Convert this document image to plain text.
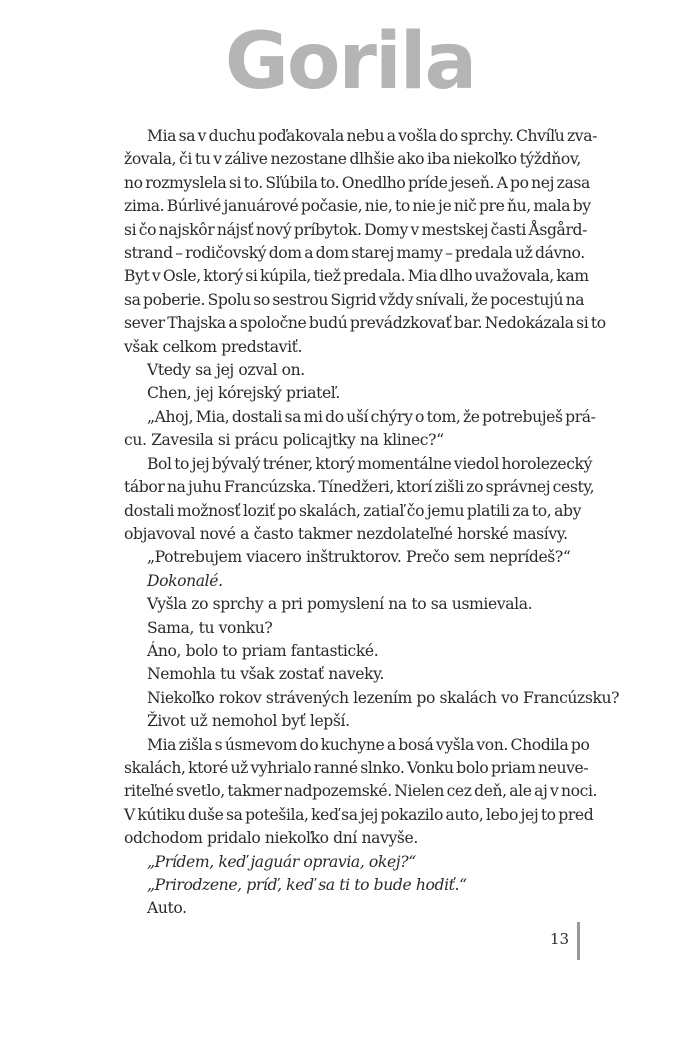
Gorila
Mia sa v duchu poďakovala nebu a vošla do sprchy. Chvíľu zva-
žovala, či tu v zálive nezostane dlhšie ako iba niekoľko týždňov,
no rozmyslela si to. Sľúbila to. Onedlho príde jeseň. A po nej zasa
zima. Búrlivé januárové počasie, nie, to nie je nič pre ňu, mala by
si čo najskôr nájsť nový príbytok. Domy v mestskej časti Åsgård-
strand – rodičovský dom a dom starej mamy – predala už dávno.
Byt v Osle, ktorý si kúpila, tiež predala. Mia dlho uvažovala, kam
sa poberie. Spolu so sestrou Sigrid vždy snívali, že pocestujú na
sever Thajska a spoločne budú prevádzkovať bar. Nedokázala si to
však celkom predstaviť.
Vtedy sa jej ozval on.
Chen, jej kórejský priateľ.
„Ahoj, Mia, dostali sa mi do uší chýry o tom, že potrebuješ prá-
cu. Zavesila si prácu policajtky na klinec?“
Bol to jej bývalý tréner, ktorý momentálne viedol horolezecký
tábor na juhu Francúzska. Tínedžeri, ktorí zišli zo správnej cesty,
dostali možnosť loziť po skalách, zatiaľ čo jemu platili za to, aby
objavoval nové a často takmer nezdolateľné horské masívy.
„Potrebujem viacero inštruktorov. Prečo sem neprídeš?“
Dokonalé.
Vyšla zo sprchy a pri pomyslení na to sa usmievala.
Sama, tu vonku?
Áno, bolo to priam fantastické.
Nemohla tu však zostať naveky.
Niekoľko rokov strávených lezením po skalách vo Francúzsku?
Život už nemohol byť lepší.
Mia zišla s úsmevom do kuchyne a bosá vyšla von. Chodila po
skalách, ktoré už vyhrialo ranné slnko. Vonku bolo priam neuve-
riteľné svetlo, takmer nadpozemské. Nielen cez deň, ale aj v noci.
V kútiku duše sa potešila, keď sa jej pokazilo auto, lebo jej to pred
odchodom pridalo niekoľko dní navyše.
„Prídem, keď jaguár opravia, okej?“
„Prirodzene, príď, keď sa ti to bude hodiť.“
Auto.
13
